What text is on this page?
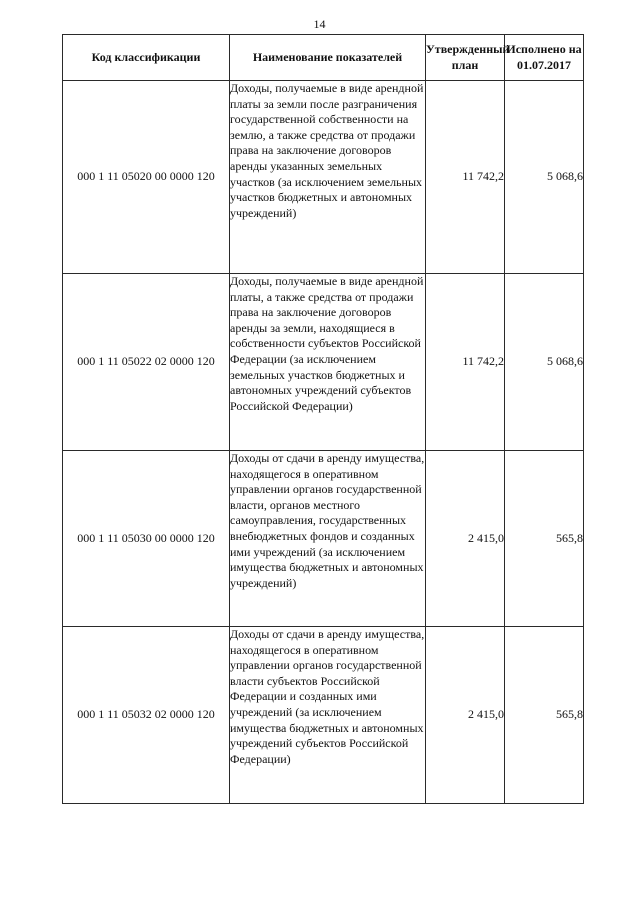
14
Код классификации	Наименование показателей	Утвержденный план	Исполнено на 01.07.2017
000 1 11 05020 00 0000 120	Доходы, получаемые в виде арендной платы за земли после разграничения государственной собственности на землю, а также средства от продажи права на заключение договоров аренды указанных земельных участков (за исключением земельных участков бюджетных и автономных учреждений)	11 742,2	5 068,6
000 1 11 05022 02 0000 120	Доходы, получаемые в виде арендной платы, а также средства от продажи права на заключение договоров аренды за земли, находящиеся в собственности субъектов Российской Федерации (за исключением земельных участков бюджетных и автономных учреждений субъектов Российской Федерации)	11 742,2	5 068,6
000 1 11 05030 00 0000 120	Доходы от сдачи в аренду имущества, находящегося в оперативном управлении органов государственной власти, органов местного самоуправления, государственных внебюджетных фондов и созданных ими учреждений (за исключением имущества бюджетных и автономных учреждений)	2 415,0	565,8
000 1 11 05032 02 0000 120	Доходы от сдачи в аренду имущества, находящегося в оперативном управлении органов государственной власти субъектов Российской Федерации и созданных ими учреждений (за исключением имущества бюджетных и автономных учреждений субъектов Российской Федерации)	2 415,0	565,8
